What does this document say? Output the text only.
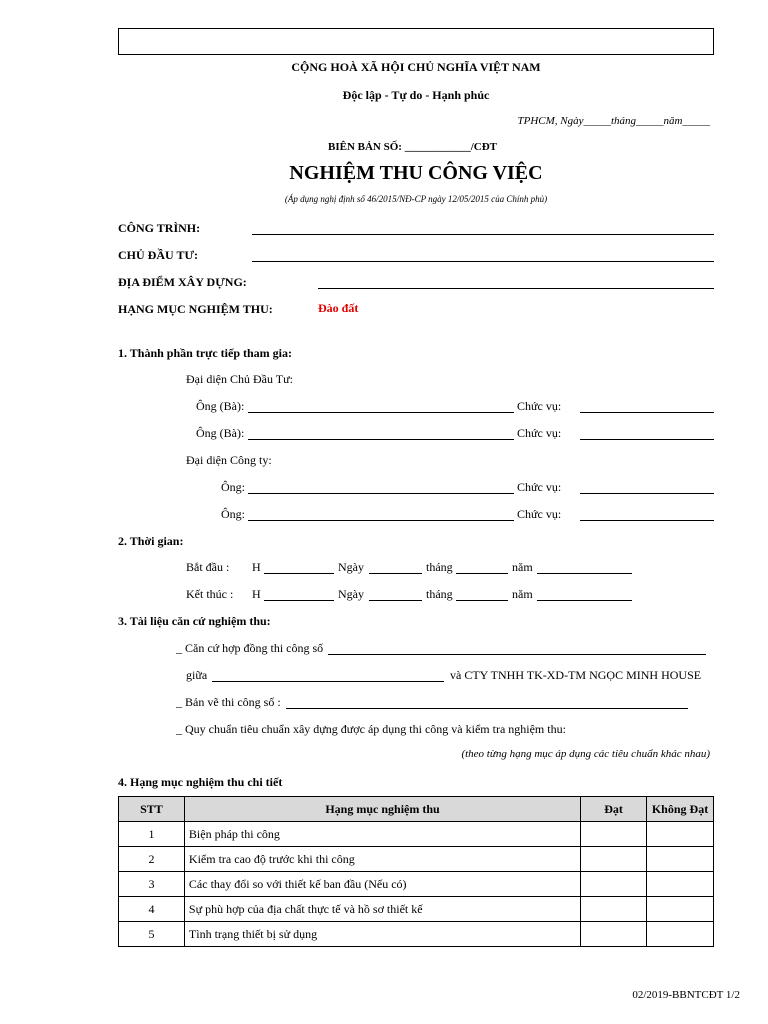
CỘNG HOÀ XÃ HỘI CHỦ NGHĨA VIỆT NAM
Độc lập - Tự do - Hạnh phúc
TPHCM, Ngày_____tháng_____năm_____
BIÊN BẢN SỐ: ____________/CĐT
NGHIỆM THU CÔNG VIỆC
(Áp dụng nghị định số 46/2015/NĐ-CP ngày 12/05/2015 của Chính phủ)
CÔNG TRÌNH:
CHỦ ĐẦU TƯ:
ĐỊA ĐIỂM XÂY DỰNG:
HẠNG MỤC NGHIỆM THU:	Đào đất
1. Thành phần trực tiếp tham gia:
Đại diện Chủ Đầu Tư:
Ông (Bà):	Chức vụ:
Ông (Bà):	Chức vụ:
Đại diện Công ty:
Ông:	Chức vụ:
Ông:	Chức vụ:
2. Thời gian:
Bắt đầu : H	Ngày	tháng	năm
Kết thúc : H	Ngày	tháng	năm
3. Tài liệu căn cứ nghiệm thu:
_ Căn cứ hợp đồng thi công số
giữa	và CTY TNHH TK-XD-TM NGỌC MINH HOUSE
_ Bản vẽ thi công số :
_ Quy chuẩn tiêu chuẩn xây dựng được áp dụng thi công và kiểm tra nghiệm thu:
(theo từng hạng mục áp dụng các tiêu chuẩn khác nhau)
4. Hạng mục nghiệm thu chi tiết
STT	Hạng mục nghiệm thu	Đạt	Không Đạt
1	Biện pháp thi công		
2	Kiểm tra cao độ trước khi thi công		
3	Các thay đổi so với thiết kế ban đầu (Nếu có)		
4	Sự phù hợp của địa chất thực tế và hồ sơ thiết kế		
5	Tình trạng thiết bị sử dụng		
02/2019-BBNTCĐT 1/2
